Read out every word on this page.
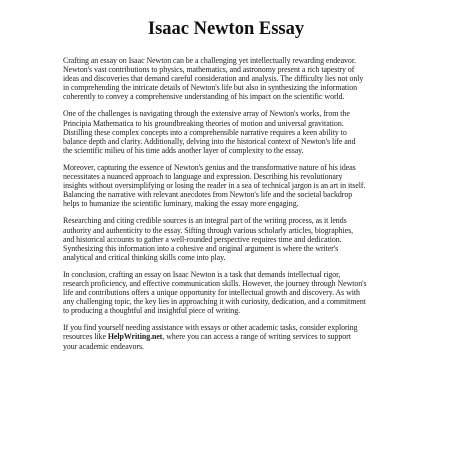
Isaac Newton Essay

Crafting an essay on Isaac Newton can be a challenging yet intellectually rewarding endeavor.
Newton's vast contributions to physics, mathematics, and astronomy present a rich tapestry of
ideas and discoveries that demand careful consideration and analysis. The difficulty lies not only
in comprehending the intricate details of Newton's life but also in synthesizing the information
coherently to convey a comprehensive understanding of his impact on the scientific world.

One of the challenges is navigating through the extensive array of Newton's works, from the
Principia Mathematica to his groundbreaking theories of motion and universal gravitation.
Distilling these complex concepts into a comprehensible narrative requires a keen ability to
balance depth and clarity. Additionally, delving into the historical context of Newton's life and
the scientific milieu of his time adds another layer of complexity to the essay.

Moreover, capturing the essence of Newton's genius and the transformative nature of his ideas
necessitates a nuanced approach to language and expression. Describing his revolutionary
insights without oversimplifying or losing the reader in a sea of technical jargon is an art in itself.
Balancing the narrative with relevant anecdotes from Newton's life and the societal backdrop
helps to humanize the scientific luminary, making the essay more engaging.

Researching and citing credible sources is an integral part of the writing process, as it lends
authority and authenticity to the essay. Sifting through various scholarly articles, biographies,
and historical accounts to gather a well-rounded perspective requires time and dedication.
Synthesizing this information into a cohesive and original argument is where the writer's
analytical and critical thinking skills come into play.

In conclusion, crafting an essay on Isaac Newton is a task that demands intellectual rigor,
research proficiency, and effective communication skills. However, the journey through Newton's
life and contributions offers a unique opportunity for intellectual growth and discovery. As with
any challenging topic, the key lies in approaching it with curiosity, dedication, and a commitment
to producing a thoughtful and insightful piece of writing.

If you find yourself needing assistance with essays or other academic tasks, consider exploring
resources like HelpWriting.net, where you can access a range of writing services to support
your academic endeavors.
